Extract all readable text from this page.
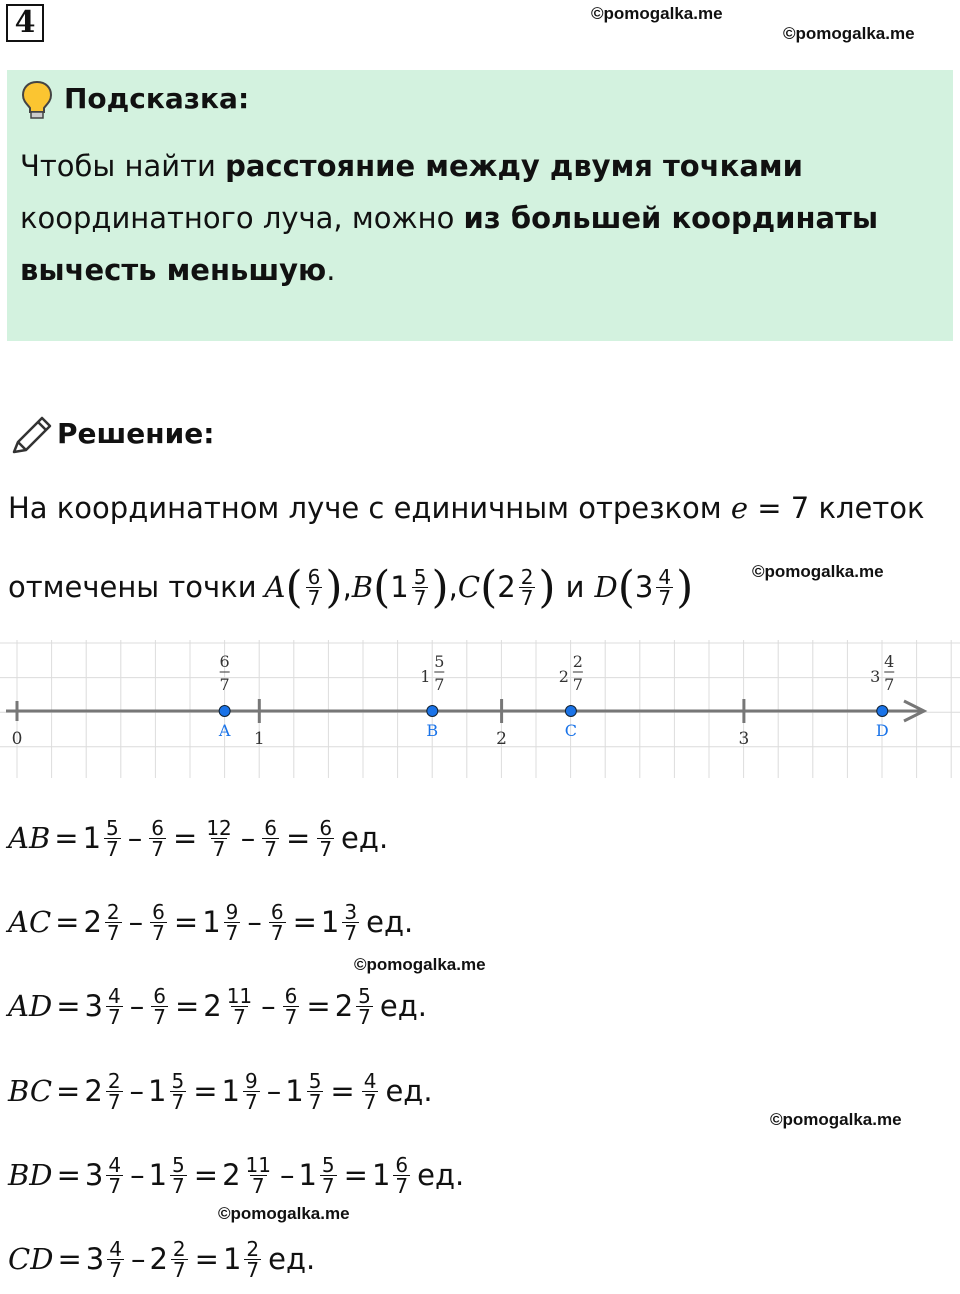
4	©pomogalka.me
©pomogalka.me
©pomogalka.me
©pomogalka.me
©pomogalka.me
©pomogalka.me
Подсказка:
Чтобы найти расстояние между двумя точками
координатного луча, можно из большей координаты вычесть меньшую.
Решение:
На координатном луче с единичным отрезком e = 7 клеток
отмечены точки A ( $\frac{6}{7}$ ) , B ( $1 \frac{5}{7}$ ) , C ( $2 \frac{2}{7}$ ) и D ( $3 \frac{4}{7}$ )
0	1	2	3
A
6
7
B
1
5
7
C
2
2
7
D
3
4
7
AB = $1 \frac{5}{7} - \frac{6}{7} = \frac{12}{7} - \frac{6}{7} = \frac{6}{7}$ ед.
AC = $2 \frac{2}{7} - \frac{6}{7} = 1 \frac{9}{7} - \frac{6}{7} = 1 \frac{3}{7}$ ед.
AD = $3 \frac{4}{7} - \frac{6}{7} = 2 \frac{11}{7} - \frac{6}{7} = 2 \frac{5}{7}$ ед.
BC = $2 \frac{2}{7} - 1 \frac{5}{7} = 1 \frac{9}{7} - 1 \frac{5}{7} = \frac{4}{7}$ ед.
BD = $3 \frac{4}{7} - 1 \frac{5}{7} = 2 \frac{11}{7} - 1 \frac{5}{7} = 1 \frac{6}{7}$ ед.
CD = $3 \frac{4}{7} - 2 \frac{2}{7} = 1 \frac{2}{7}$ ед.
